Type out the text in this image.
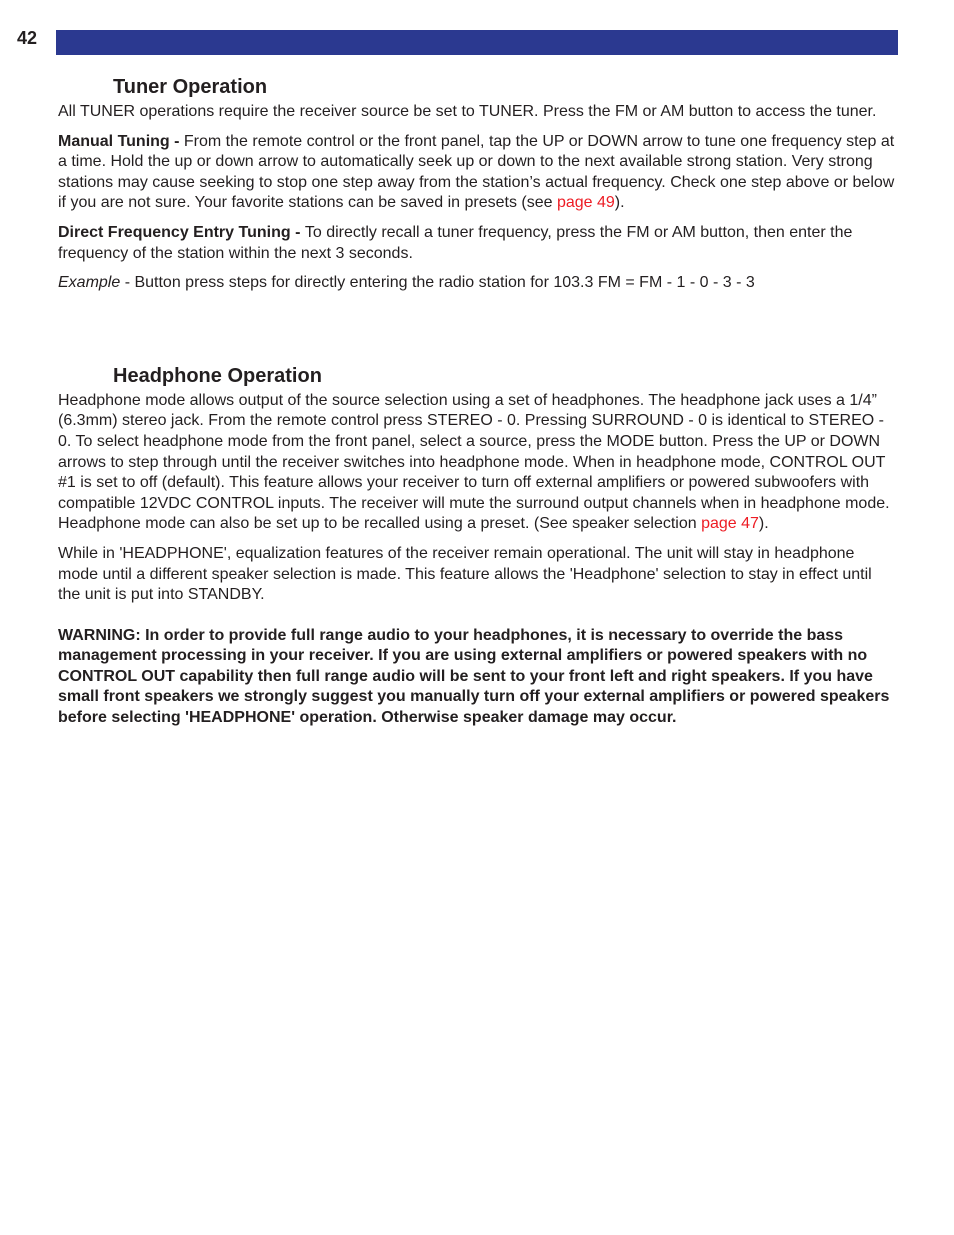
42
Tuner Operation

All TUNER operations require the receiver source be set to TUNER. Press the FM or AM button to access the tuner.

Manual Tuning - From the remote control or the front panel, tap the UP or DOWN arrow to tune one frequency step at a time. Hold the up or down arrow to automatically seek up or down to the next available strong station. Very strong stations may cause seeking to stop one step away from the station’s actual frequency. Check one step above or below if you are not sure. Your favorite stations can be saved in presets (see page 49).

Direct Frequency Entry Tuning - To directly recall a tuner frequency, press the FM or AM button, then enter the frequency of the station within the next 3 seconds.

Example - Button press steps for directly entering the radio station for 103.3 FM = FM - 1 - 0 - 3 - 3

Headphone Operation

Headphone mode allows output of the source selection using a set of headphones. The headphone jack uses a 1/4” (6.3mm) stereo jack. From the remote control press STEREO - 0. Pressing SURROUND - 0 is identical to STEREO - 0. To select headphone mode from the front panel, select a source, press the MODE button. Press the UP or DOWN arrows to step through until the receiver switches into headphone mode. When in headphone mode, CONTROL OUT #1 is set to off (default). This feature allows your receiver to turn off external amplifiers or powered subwoofers with compatible 12VDC CONTROL inputs. The receiver will mute the surround output channels when in headphone mode. Headphone mode can also be set up to be recalled using a preset. (See speaker selection page 47).

While in 'HEADPHONE', equalization features of the receiver remain operational. The unit will stay in headphone mode until a different speaker selection is made. This feature allows the 'Headphone' selection to stay in effect until the unit is put into STANDBY.

WARNING: In order to provide full range audio to your headphones, it is necessary to override the bass management processing in your receiver. If you are using external amplifiers or powered speakers with no CONTROL OUT capability then full range audio will be sent to your front left and right speakers. If you have small front speakers we strongly suggest you manually turn off your external amplifiers or powered speakers before selecting 'HEADPHONE' operation. Otherwise speaker damage may occur.
